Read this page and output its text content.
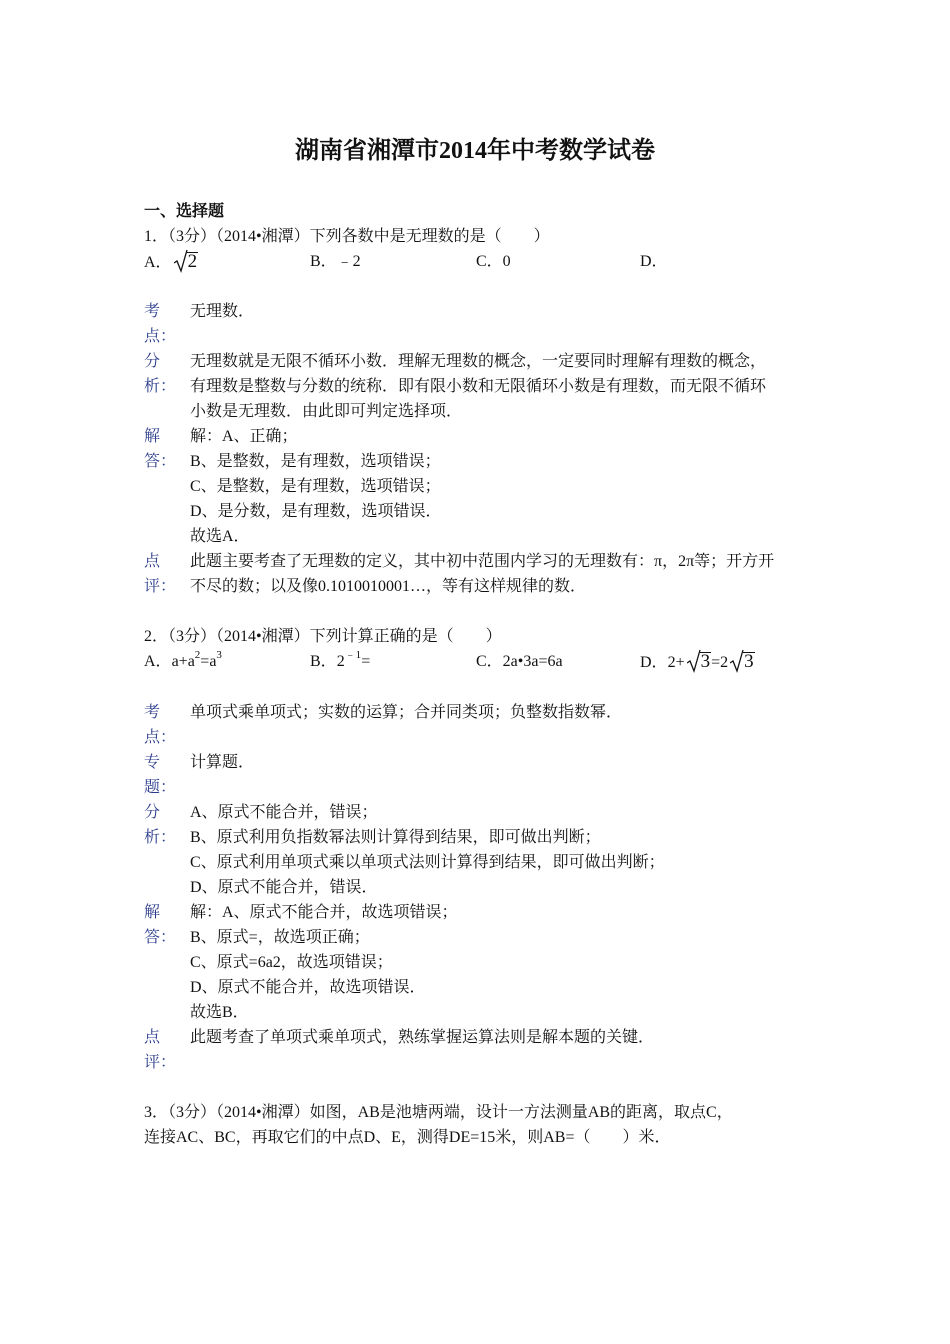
湖南省湘潭市2014年中考数学试卷
一、选择题
1．（3分）（2014•湘潭）下列各数中是无理数的是（　　）
A． 2	B．﹣2	C．0	D．
考
点：
无理数．
分
析：
无理数就是无限不循环小数．理解无理数的概念，一定要同时理解有理数的概念，
有理数是整数与分数的统称．即有限小数和无限循环小数是有理数，而无限不循环
小数是无理数．由此即可判定选择项．
解
答：
解：A、正确；
B、是整数，是有理数，选项错误；
C、是整数，是有理数，选项错误；
D、是分数，是有理数，选项错误．
故选A．
点
评：
此题主要考查了无理数的定义，其中初中范围内学习的无理数有：π，2π等；开方开
不尽的数；以及像0.1010010001…，等有这样规律的数．
2．（3分）（2014•湘潭）下列计算正确的是（　　）
A．$a+a^2=a^3$	B．$2^{﹣1}=$	C．2a•3a=6a	D．2+ 3=2 3
考
点：
单项式乘单项式；实数的运算；合并同类项；负整数指数幂．
专
题：
计算题．
分
析：
A、原式不能合并，错误；
B、原式利用负指数幂法则计算得到结果，即可做出判断；
C、原式利用单项式乘以单项式法则计算得到结果，即可做出判断；
D、原式不能合并，错误．
解
答：
解：A、原式不能合并，故选项错误；
B、原式=，故选项正确；
C、原式=6a2，故选项错误；
D、原式不能合并，故选项错误．
故选B．
点
评：
此题考查了单项式乘单项式，熟练掌握运算法则是解本题的关键．
3．（3分）（2014•湘潭）如图，AB是池塘两端，设计一方法测量AB的距离，取点C，
连接AC、BC，再取它们的中点D、E，测得DE=15米，则AB=（　　）米．
